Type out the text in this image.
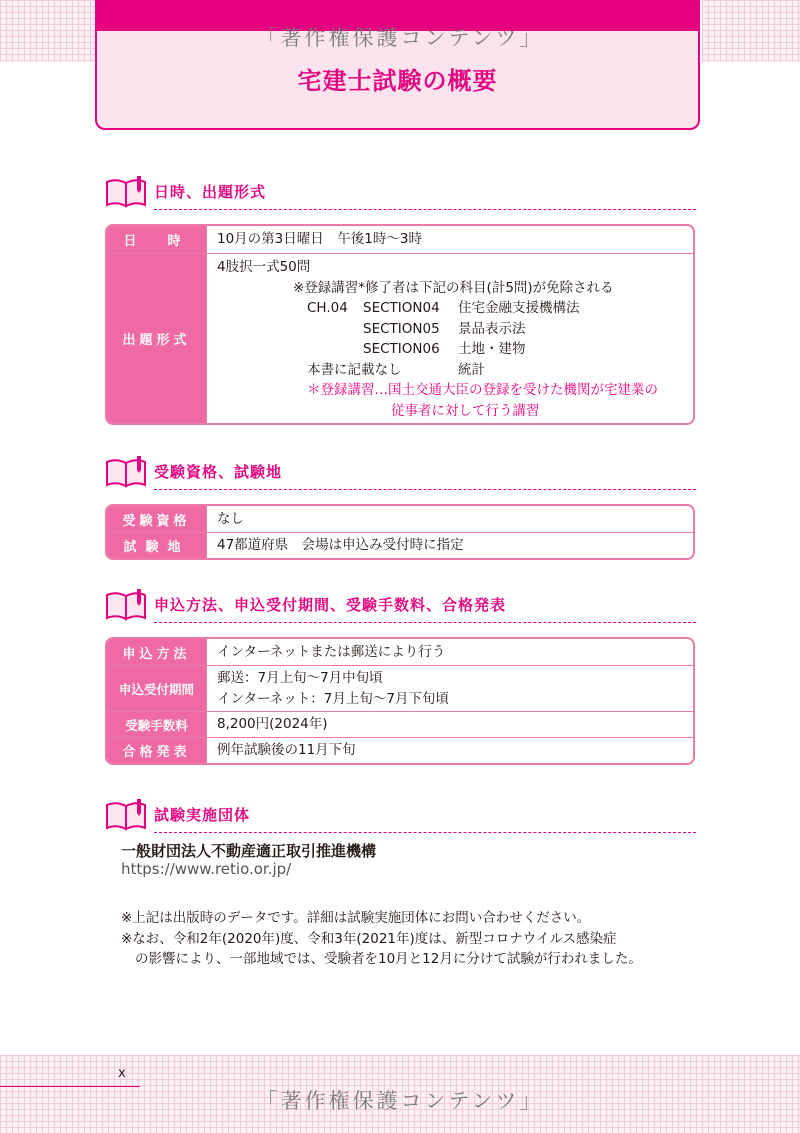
宅建士試験の概要
「著作権保護コンテンツ」
日時、出題形式
日　時	10月の第3日曜日　午後1時〜3時
出題形式
4肢択一式50問
※登録講習*修了者は下記の科目(計5問)が免除される
CH.04 SECTION04 住宅金融支援機構法
SECTION05 景品表示法
SECTION06 土地・建物
本書に記載なし	統計
＊登録講習…国土交通大臣の登録を受けた機関が宅建業の
従事者に対して行う講習
受験資格、試験地
受験資格	なし
試験地	47都道府県　会場は申込み受付時に指定
申込方法、申込受付期間、受験手数料、合格発表
申込方法	インターネットまたは郵送により行う
申込受付期間
郵送：7月上旬〜7月中旬頃
インターネット：7月上旬〜7月下旬頃
受験手数料	8,200円(2024年)
合格発表	例年試験後の11月下旬
試験実施団体
一般財団法人不動産適正取引推進機構
https://www.retio.or.jp/
※上記は出版時のデータです。詳細は試験実施団体にお問い合わせください。
※なお、令和2年(2020年)度、令和3年(2021年)度は、新型コロナウイルス感染症
の影響により、一部地域では、受験者を10月と12月に分けて試験が行われました。
x
「著作権保護コンテンツ」
